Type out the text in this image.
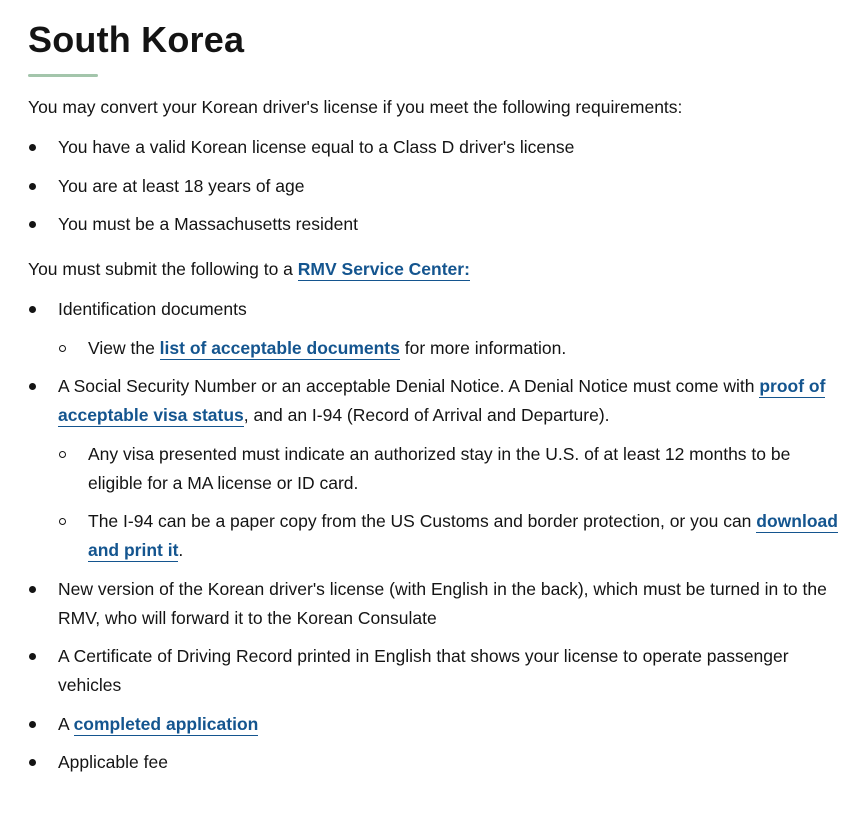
South Korea

You may convert your Korean driver's license if you meet the following requirements:

You have a valid Korean license equal to a Class D driver's license
You are at least 18 years of age
You must be a Massachusetts resident

You must submit the following to a RMV Service Center:

Identification documents
View the list of acceptable documents for more information.
A Social Security Number or an acceptable Denial Notice. A Denial Notice must come with proof of acceptable visa status, and an I-94 (Record of Arrival and Departure).
Any visa presented must indicate an authorized stay in the U.S. of at least 12 months to be eligible for a MA license or ID card.
The I-94 can be a paper copy from the US Customs and border protection, or you can download and print it.
New version of the Korean driver's license (with English in the back), which must be turned in to the RMV, who will forward it to the Korean Consulate
A Certificate of Driving Record printed in English that shows your license to operate passenger vehicles
A completed application
Applicable fee
